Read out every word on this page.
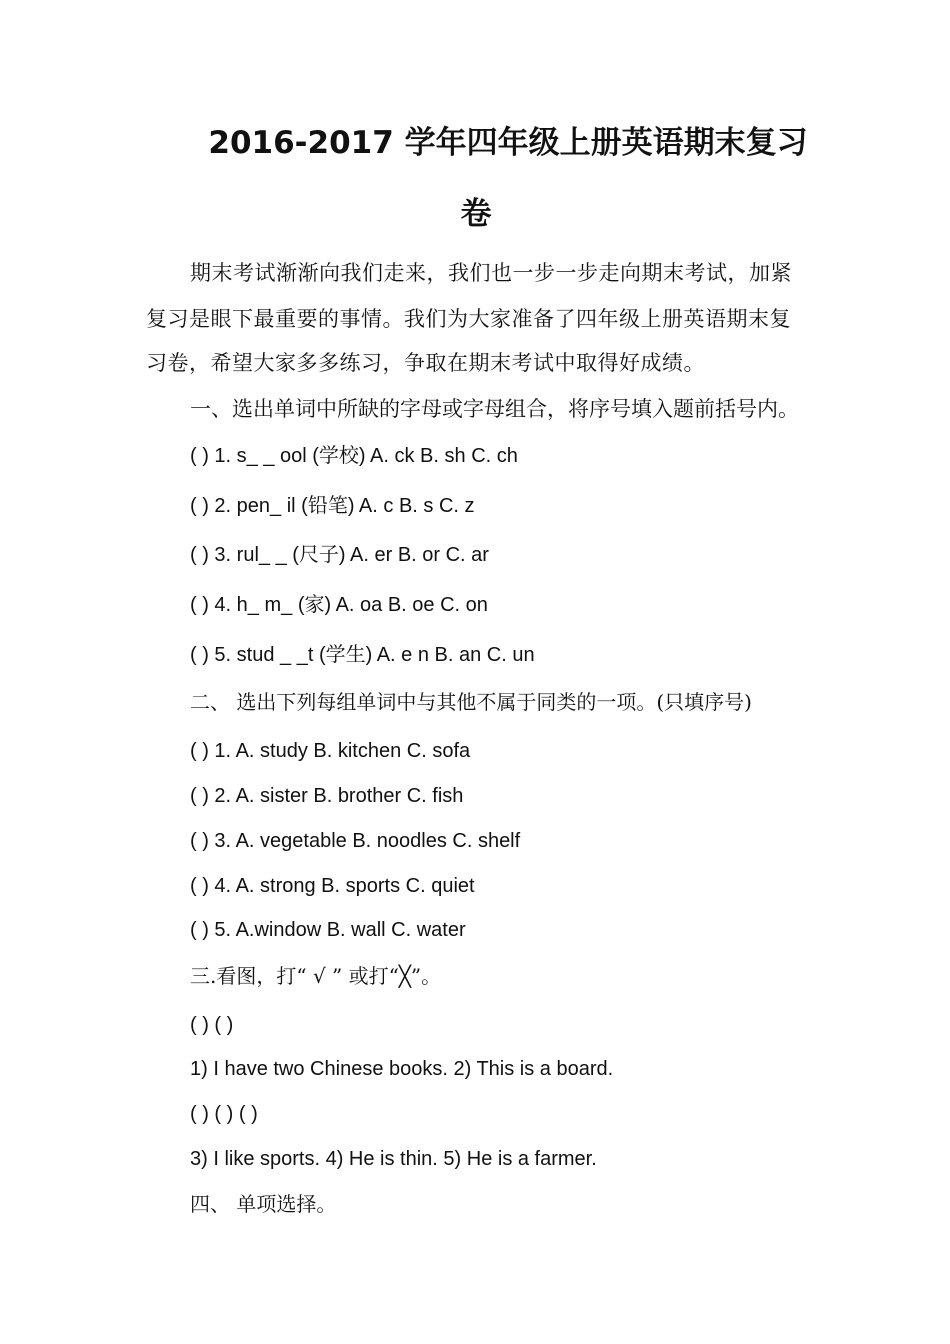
2016-2017 学年四年级上册英语期末复习
卷
期末考试渐渐向我们走来，我们也一步一步走向期末考试，加紧
复习是眼下最重要的事情。我们为大家准备了四年级上册英语期末复
习卷，希望大家多多练习，争取在期末考试中取得好成绩。
一、选出单词中所缺的字母或字母组合，将序号填入题前括号内。
( ) 1. s_ _ ool (学校) A. ck B. sh C. ch
( ) 2. pen_ il (铅笔) A. c B. s C. z
( ) 3. rul_ _ (尺子) A. er B. or C. ar
( ) 4. h_ m_ (家) A. oa B. oe C. on
( ) 5. stud _ _t (学生) A. e n B. an C. un
二、 选出下列每组单词中与其他不属于同类的一项。(只填序号)
( ) 1. A. study B. kitchen C. sofa
( ) 2. A. sister B. brother C. fish
( ) 3. A. vegetable B. noodles C. shelf
( ) 4. A. strong B. sports C. quiet
( ) 5. A.window B. wall C. water
三.看图，打“ √ ” 或打“╳”。
( ) ( )
1) I have two Chinese books. 2) This is a board.
( ) ( ) ( )
3) I like sports. 4) He is thin. 5) He is a farmer.
四、 单项选择。
